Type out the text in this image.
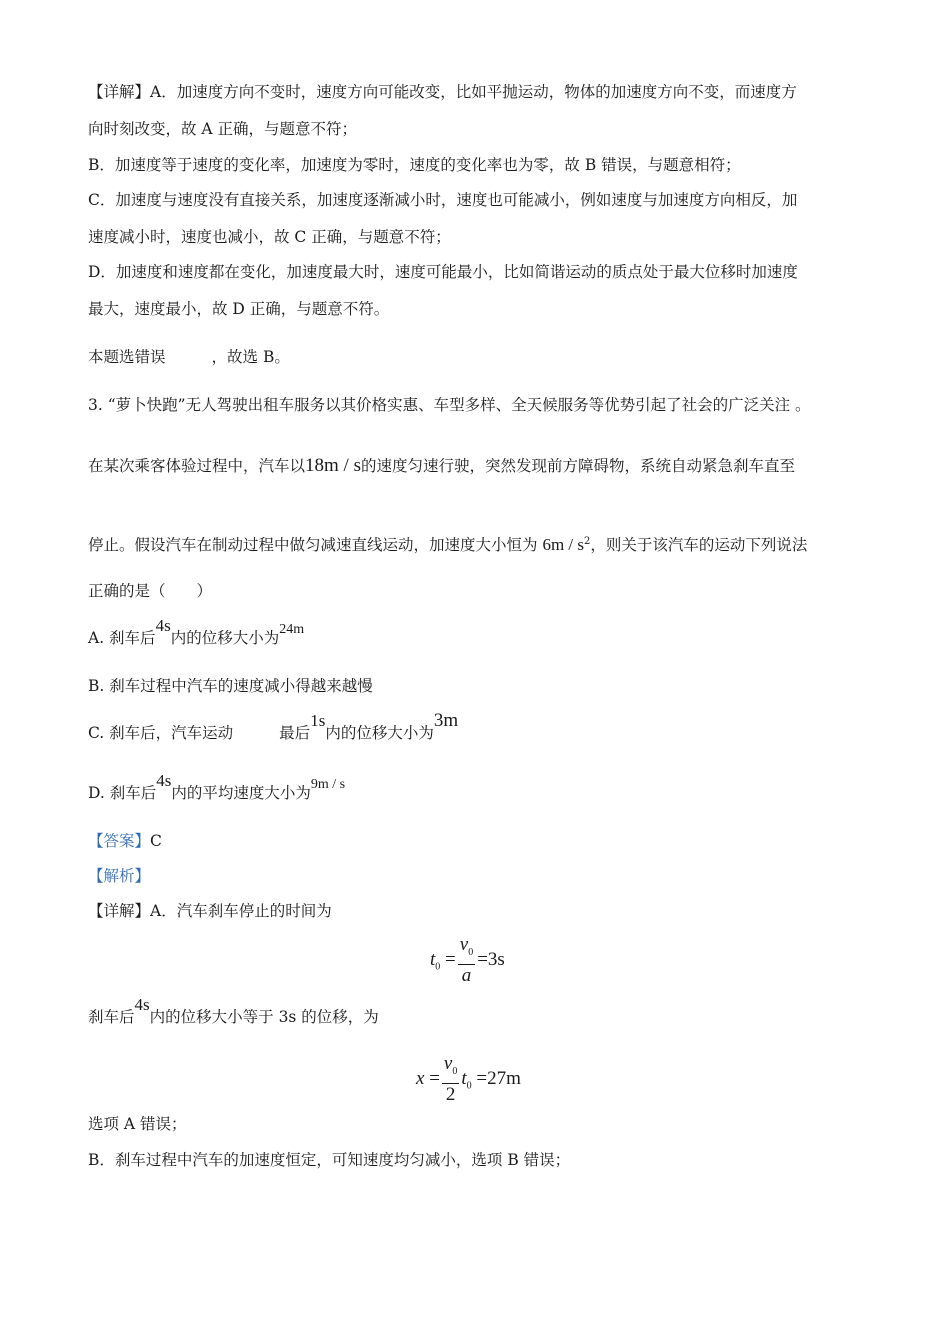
【详解】A．加速度方向不变时，速度方向可能改变，比如平抛运动，物体的加速度方向不变，而速度方
向时刻改变，故 A 正确，与题意不符；
B．加速度等于速度的变化率，加速度为零时，速度的变化率也为零，故 B 错误，与题意相符；
C．加速度与速度没有直接关系，加速度逐渐减小时，速度也可能减小，例如速度与加速度方向相反，加
速度减小时，速度也减小，故 C 正确，与题意不符；
D．加速度和速度都在变化，加速度最大时，速度可能最小，比如简谐运动的质点处于最大位移时加速度
最大，速度最小，故 D 正确，与题意不符。
本题选错误	，故选 B。
3. “萝卜快跑”无人驾驶出租车服务以其价格实惠、车型多样、全天候服务等优势引起了社会的广泛关注 。
在某次乘客体验过程中，汽车以18m / s的速度匀速行驶，突然发现前方障碍物，系统自动紧急刹车直至
停止。假设汽车在制动过程中做匀减速直线运动，加速度大小恒为 $6m / s^2$，则关于该汽车的运动下列说法
正确的是（　　）
A. 刹车后4s内的位移大小为24m
B. 刹车过程中汽车的速度减小得越来越慢
C. 刹车后，汽车运动	最后1s内的位移大小为3m
D. 刹车后4s内的平均速度大小为9m / s
【答案】C
【解析】
【详解】A．汽车刹车停止的时间为
$t_0 = \frac{v_0}{a} =3s$
刹车后4s内的位移大小等于 3s 的位移，为
$x = \frac{v_0}{2} t_0 =27m$
选项 A 错误；
B．刹车过程中汽车的加速度恒定，可知速度均匀减小，选项 B 错误；
